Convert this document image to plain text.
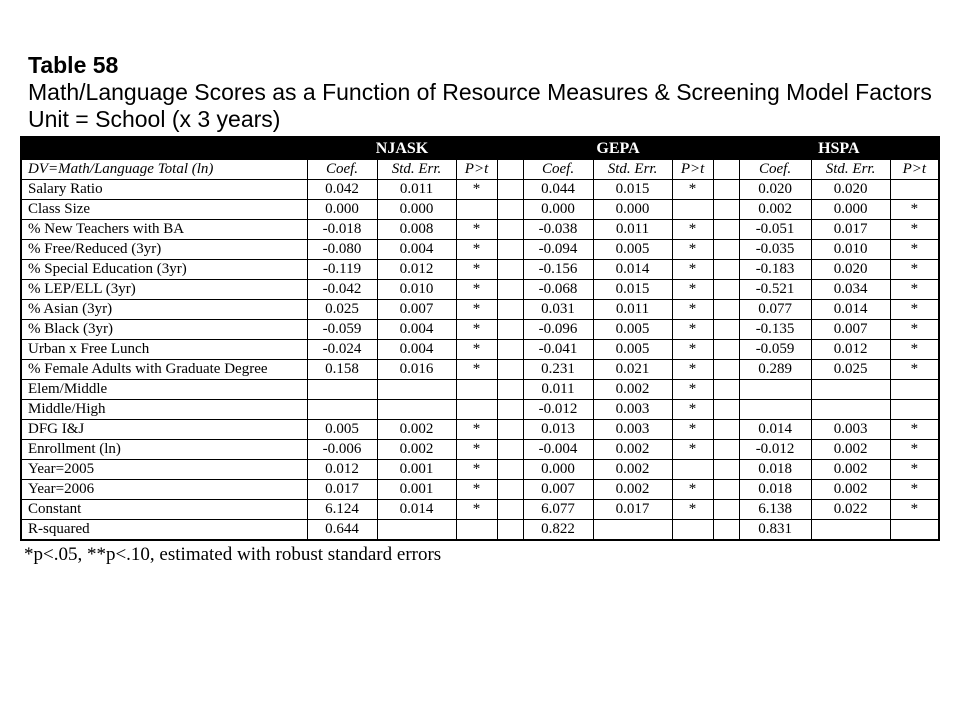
Table 58
Math/Language Scores as a Function of Resource Measures & Screening Model Factors
Unit = School (x 3 years)
	NJASK				GEPA				HSPA		
DV=Math/Language Total (ln)	Coef.	Std. Err.	P>t		Coef.	Std. Err.	P>t		Coef.	Std. Err.	P>t
Salary Ratio	0.042	0.011	*		0.044	0.015	*		0.020	0.020	
Class Size	0.000	0.000			0.000	0.000			0.002	0.000	*
% New Teachers with BA	-0.018	0.008	*		-0.038	0.011	*		-0.051	0.017	*
% Free/Reduced (3yr)	-0.080	0.004	*		-0.094	0.005	*		-0.035	0.010	*
% Special Education (3yr)	-0.119	0.012	*		-0.156	0.014	*		-0.183	0.020	*
% LEP/ELL (3yr)	-0.042	0.010	*		-0.068	0.015	*		-0.521	0.034	*
% Asian (3yr)	0.025	0.007	*		0.031	0.011	*		0.077	0.014	*
% Black (3yr)	-0.059	0.004	*		-0.096	0.005	*		-0.135	0.007	*
Urban x Free Lunch	-0.024	0.004	*		-0.041	0.005	*		-0.059	0.012	*
% Female Adults with Graduate Degree	0.158	0.016	*		0.231	0.021	*		0.289	0.025	*
Elem/Middle					0.011	0.002	*				
Middle/High					-0.012	0.003	*				
DFG I&J	0.005	0.002	*		0.013	0.003	*		0.014	0.003	*
Enrollment (ln)	-0.006	0.002	*		-0.004	0.002	*		-0.012	0.002	*
Year=2005	0.012	0.001	*		0.000	0.002			0.018	0.002	*
Year=2006	0.017	0.001	*		0.007	0.002	*		0.018	0.002	*
Constant	6.124	0.014	*		6.077	0.017	*		6.138	0.022	*
R-squared	0.644				0.822				0.831		
*p<.05, **p<.10, estimated with robust standard errors
